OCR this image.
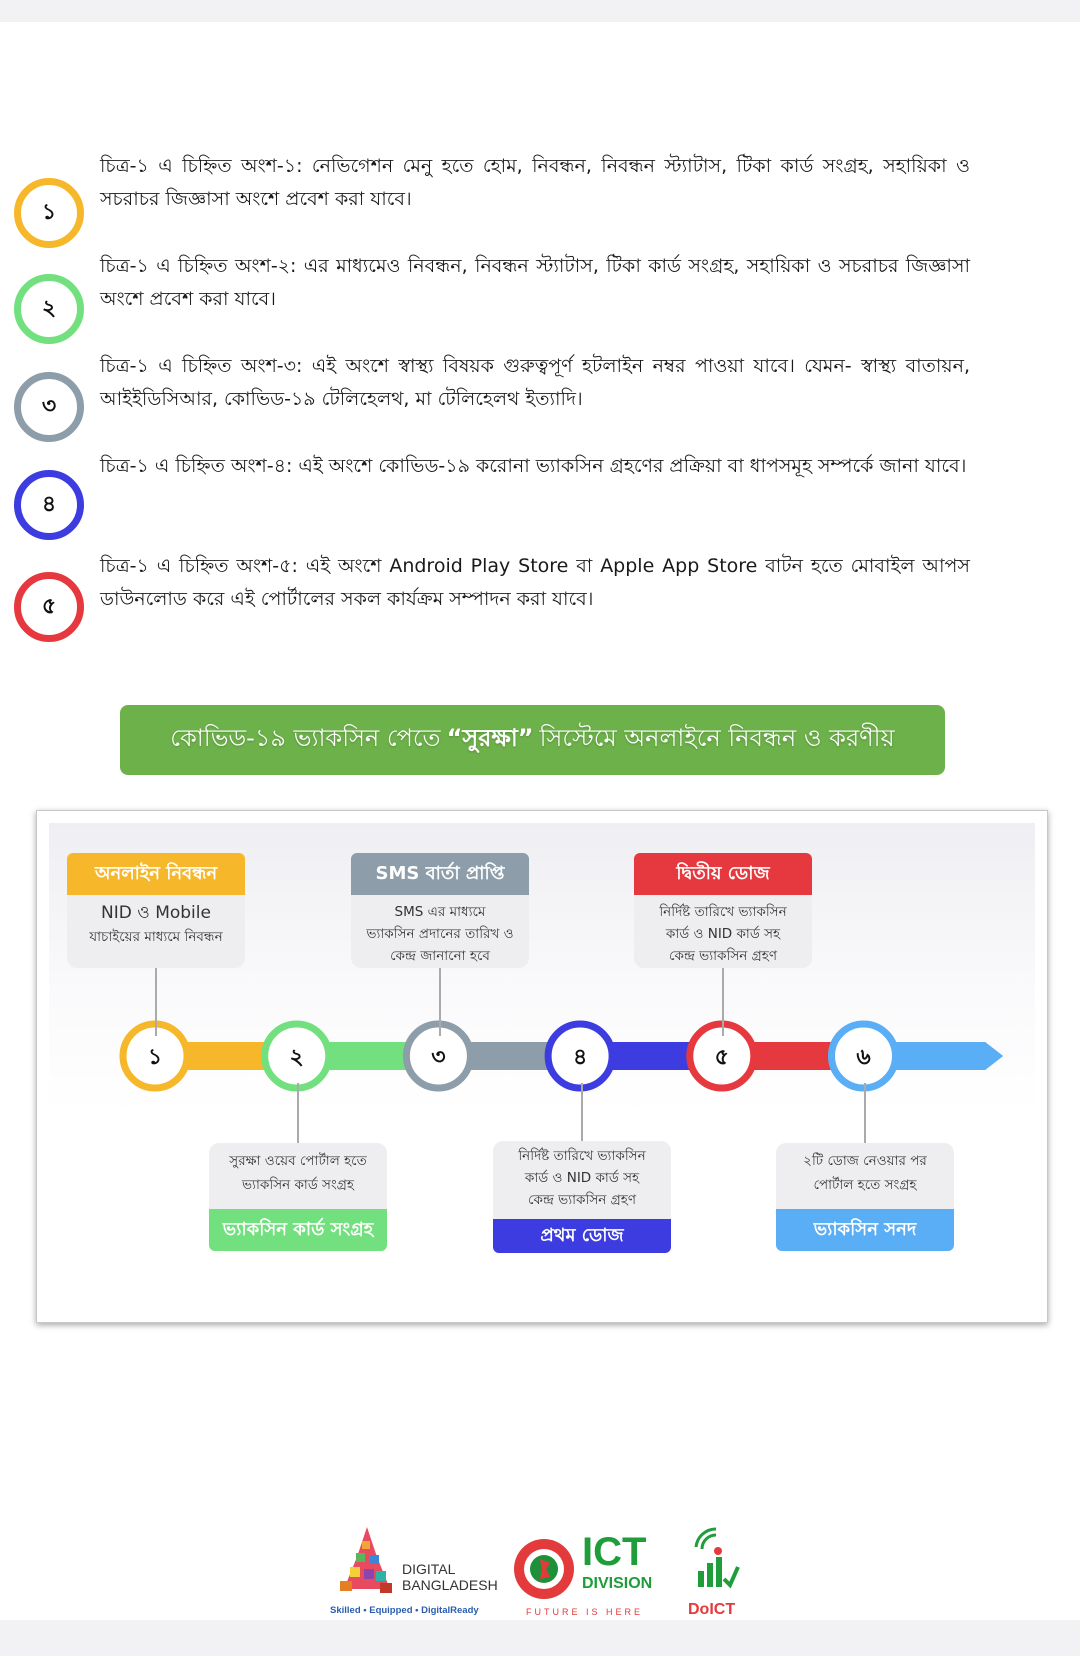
১
চিত্র-১ এ চিহ্নিত অংশ-১: নেভিগেশন মেনু হতে হোম, নিবন্ধন, নিবন্ধন স্ট্যাটাস, টিকা কার্ড সংগ্রহ, সহায়িকা ও সচরাচর জিজ্ঞাসা অংশে প্রবেশ করা যাবে।
২
চিত্র-১ এ চিহ্নিত অংশ-২: এর মাধ্যমেও নিবন্ধন, নিবন্ধন স্ট্যাটাস, টিকা কার্ড সংগ্রহ, সহায়িকা ও সচরাচর জিজ্ঞাসা অংশে প্রবেশ করা যাবে।
৩
চিত্র-১ এ চিহ্নিত অংশ-৩: এই অংশে স্বাস্থ্য বিষয়ক গুরুত্বপূর্ণ হটলাইন নম্বর পাওয়া যাবে। যেমন- স্বাস্থ্য বাতায়ন, আইইডিসিআর, কোভিড-১৯ টেলিহেলথ, মা টেলিহেলথ ইত্যাদি।
৪
চিত্র-১ এ চিহ্নিত অংশ-৪: এই অংশে কোভিড-১৯ করোনা ভ্যাকসিন গ্রহণের প্রক্রিয়া বা ধাপসমূহ সম্পর্কে জানা যাবে।
৫
চিত্র-১ এ চিহ্নিত অংশ-৫: এই অংশে Android Play Store বা Apple App Store বাটন হতে মোবাইল আপস ডাউনলোড করে এই পোর্টালের সকল কার্যক্রম সম্পাদন করা যাবে।
কোভিড-১৯ ভ্যাকসিন পেতে “সুরক্ষা” সিস্টেমে অনলাইনে নিবন্ধন ও করণীয়
১	২	৩	৪	৫	৬
অনলাইন নিবন্ধন
NID ও Mobile
যাচাইয়ের মাধ্যমে নিবন্ধন
সুরক্ষা ওয়েব পোর্টাল হতে
ভ্যাকসিন কার্ড সংগ্রহ
ভ্যাকসিন কার্ড সংগ্রহ
SMS বার্তা প্রাপ্তি
SMS এর মাধ্যমে
ভ্যাকসিন প্রদানের তারিখ ও
কেন্দ্র জানানো হবে
নির্দিষ্ট তারিখে ভ্যাকসিন
কার্ড ও NID কার্ড সহ
কেন্দ্র ভ্যাকসিন গ্রহণ
প্রথম ডোজ
দ্বিতীয় ডোজ
নির্দিষ্ট তারিখে ভ্যাকসিন
কার্ড ও NID কার্ড সহ
কেন্দ্র ভ্যাকসিন গ্রহণ
২টি ডোজ নেওয়ার পর
পোর্টাল হতে সংগ্রহ
ভ্যাকসিন সনদ
DIGITAL
BANGLADESH
Skilled • Equipped • DigitalReady
ICT
DIVISION
FUTURE IS HERE	DoICT
